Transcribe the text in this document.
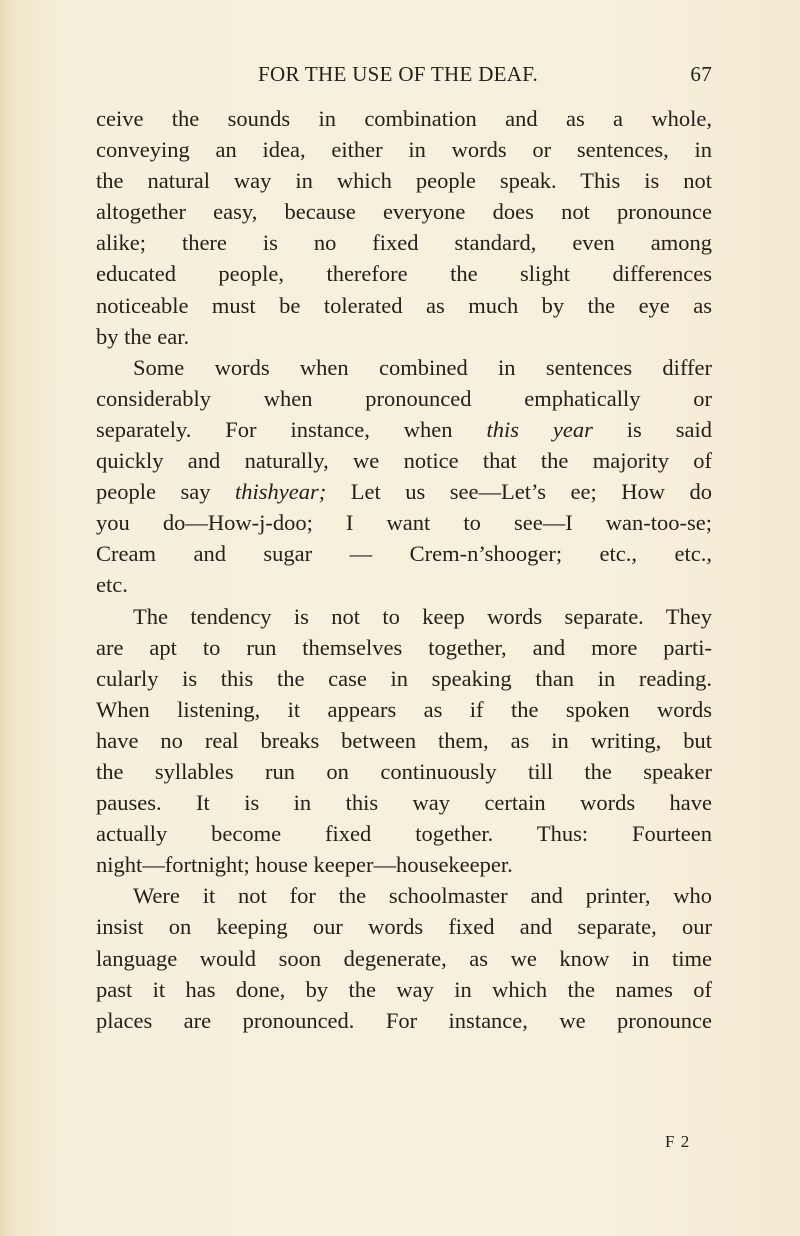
FOR THE USE OF THE DEAF.	67
ceive the sounds in combination and as a whole,
conveying an idea, either in words or sentences, in
the natural way in which people speak. This is not
altogether easy, because everyone does not pronounce
alike; there is no fixed standard, even among
educated people, therefore the slight differences
noticeable must be tolerated as much by the eye as
by the ear.
Some words when combined in sentences differ
considerably when pronounced emphatically or
separately. For instance, when this year is said
quickly and naturally, we notice that the majority of
people say thishyear; Let us see—Let’s ee; How do
you do—How-j-doo; I want to see—I wan-too-se;
Cream and sugar — Crem-n’shooger; etc., etc.,
etc.
The tendency is not to keep words separate. They
are apt to run themselves together, and more parti-
cularly is this the case in speaking than in reading.
When listening, it appears as if the spoken words
have no real breaks between them, as in writing, but
the syllables run on continuously till the speaker
pauses. It is in this way certain words have
actually become fixed together. Thus: Fourteen
night—fortnight; house keeper—housekeeper.
Were it not for the schoolmaster and printer, who
insist on keeping our words fixed and separate, our
language would soon degenerate, as we know in time
past it has done, by the way in which the names of
places are pronounced. For instance, we pronounce
F 2
